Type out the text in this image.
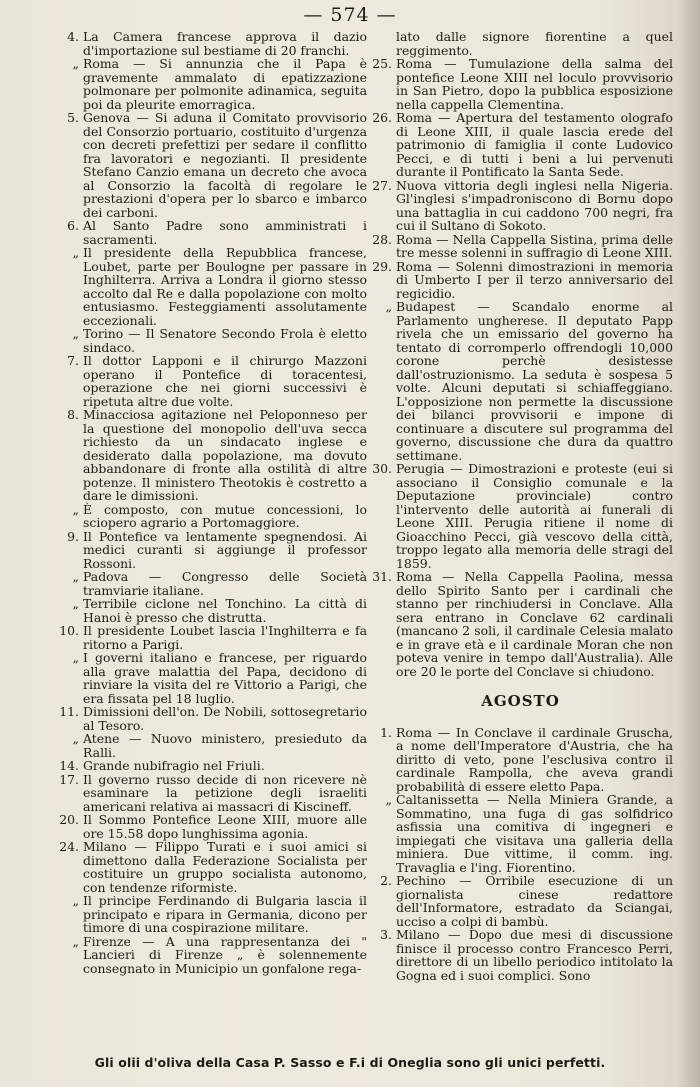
— 574 —

4. La Camera francese approva il dazio d'importazione sul bestiame di 20 franchi.

„ Roma — Si annunzia che il Papa è gravemente ammalato di epatizzazione polmonare per polmonite adinamica, seguita poi da pleurite emorragica.

5. Genova — Si aduna il Comitato provvisorio del Consorzio portuario, costituito d'urgenza con decreti prefettizi per sedare il conflitto fra lavoratori e negozianti. Il presidente Stefano Canzio emana un decreto che avoca al Consorzio la facoltà di regolare le prestazioni d'opera per lo sbarco e imbarco dei carboni.

6. Al Santo Padre sono amministrati i sacramenti.

„ Il presidente della Repubblica francese, Loubet, parte per Boulogne per passare in Inghilterra. Arriva a Londra il giorno stesso accolto dal Re e dalla popolazione con molto entusiasmo. Festeggiamenti assolutamente eccezionali.

„ Torino — Il Senatore Secondo Frola è eletto sindaco.

7. Il dottor Lapponi e il chirurgo Mazzoni operano il Pontefice di toracentesi, operazione che nei giorni successivi è ripetuta altre due volte.

8. Minacciosa agitazione nel Peloponneso per la questione del monopolio dell'uva secca richiesto da un sindacato inglese e desiderato dalla popolazione, ma dovuto abbandonare di fronte alla ostilità di altre potenze. Il ministero Theotokis è costretto a dare le dimissioni.

„ È composto, con mutue concessioni, lo sciopero agrario a Portomaggiore.

9. Il Pontefice va lentamente spegnendosi. Ai medici curanti si aggiunge il professor Rossoni.

„ Padova — Congresso delle Società tramviarie italiane.

„ Terribile ciclone nel Tonchino. La città di Hanoi è presso che distrutta.

10. Il presidente Loubet lascia l'Inghilterra e fa ritorno a Parigi.

„ I governi italiano e francese, per riguardo alla grave malattia del Papa, decidono di rinviare la visita del re Vittorio a Parigi, che era fissata pel 18 luglio.

11. Dimissioni dell'on. De Nobili, sottosegretario al Tesoro.

„ Atene — Nuovo ministero, presieduto da Ralli.

14. Grande nubifragio nel Friuli.

17. Il governo russo decide di non ricevere nè esaminare la petizione degli israeliti americani relativa ai massacri di Kiscineff.

20. Il Sommo Pontefice Leone XIII, muore alle ore 15.58 dopo lunghissima agonia.

24. Milano — Filippo Turati e i suoi amici si dimettono dalla Federazione Socialista per costituire un gruppo socialista autonomo, con tendenze riformiste.

„ Il principe Ferdinando di Bulgaria lascia il principato e ripara in Germania, dicono per timore di una cospirazione militare.

„ Firenze — A una rappresentanza dei " Lancieri di Firenze „ è solennemente consegnato in Municipio un gonfalone rega-

lato dalle signore fiorentine a quel reggimento.

25. Roma — Tumulazione della salma del pontefice Leone XIII nel loculo provvisorio in San Pietro, dopo la pubblica esposizione nella cappella Clementina.

26. Roma — Apertura del testamento olografo di Leone XIII, il quale lascia erede del patrimonio di famiglia il conte Ludovico Pecci, e di tutti i beni a lui pervenuti durante il Pontificato la Santa Sede.

27. Nuova vittoria degli inglesi nella Nigeria. Gl'inglesi s'impadroniscono di Bornu dopo una battaglia in cui caddono 700 negri, fra cui il Sultano di Sokoto.

28. Roma — Nella Cappella Sistina, prima delle tre messe solenni in suffragio di Leone XIII.

29. Roma — Solenni dimostrazioni in memoria di Umberto I per il terzo anniversario del regicidio.

„ Budapest — Scandalo enorme al Parlamento ungherese. Il deputato Papp rivela che un emissario del governo ha tentato di corromperlo offrendogli 10,000 corone perchè desistesse dall'ostruzionismo. La seduta è sospesa 5 volte. Alcuni deputati si schiaffeggiano. L'opposizione non permette la discussione dei bilanci provvisorii e impone di continuare a discutere sul programma del governo, discussione che dura da quattro settimane.

30. Perugia — Dimostrazioni e proteste (eui si associano il Consiglio comunale e la Deputazione provinciale) contro l'intervento delle autorità ai funerali di Leone XIII. Perugia ritiene il nome di Gioacchino Pecci, già vescovo della città, troppo legato alla memoria delle stragi del 1859.

31. Roma — Nella Cappella Paolina, messa dello Spirito Santo per i cardinali che stanno per rinchiudersi in Conclave. Alla sera entrano in Conclave 62 cardinali (mancano 2 soli, il cardinale Celesia malato e in grave età e il cardinale Moran che non poteva venire in tempo dall'Australia). Alle ore 20 le porte del Conclave si chiudono.

AGOSTO

1. Roma — In Conclave il cardinale Gruscha, a nome dell'Imperatore d'Austria, che ha diritto di veto, pone l'esclusiva contro il cardinale Rampolla, che aveva grandi probabilità di essere eletto Papa.

„ Caltanissetta — Nella Miniera Grande, a Sommatino, una fuga di gas solfidrico asfissia una comitiva di ingegneri e impiegati che visitava una galleria della miniera. Due vittime, il comm. ing. Travaglia e l'ing. Fiorentino.

2. Pechino — Orribile esecuzione di un giornalista cinese redattore dell'Informatore, estradato da Sciangai, ucciso a colpi di bambù.

3. Milano — Dopo due mesi di discussione finisce il processo contro Francesco Perri, direttore di un libello periodico intitolato la Gogna ed i suoi complici. Sono

Gli olii d'oliva della Casa P. Sasso e F.i di Oneglia sono gli unici perfetti.
